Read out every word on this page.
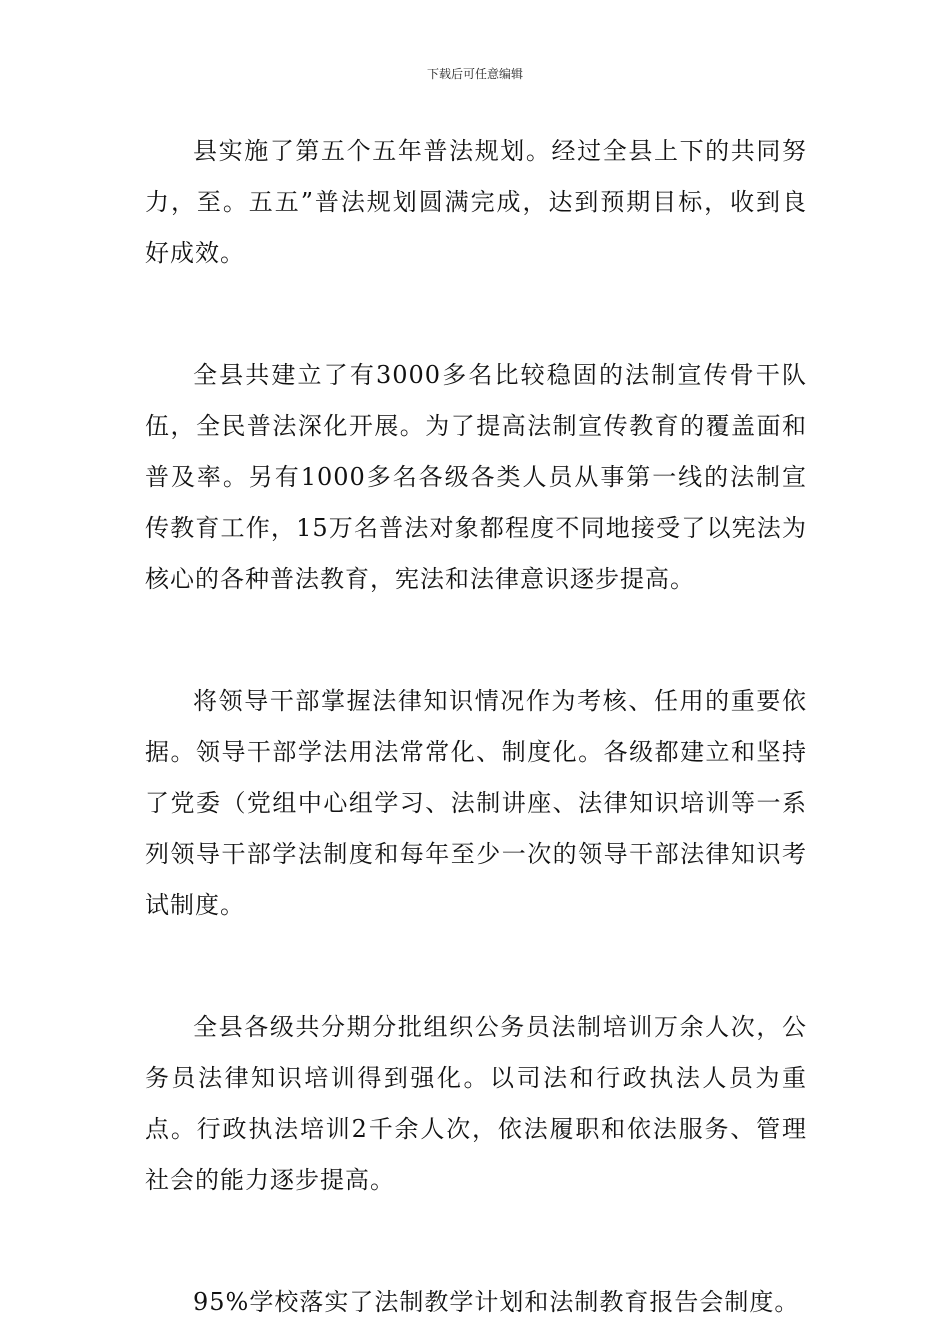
下载后可任意编辑

县实施了第五个五年普法规划。经过全县上下的共同努力，至。五五”普法规划圆满完成，达到预期目标，收到良好成效。

全县共建立了有3000多名比较稳固的法制宣传骨干队伍，全民普法深化开展。为了提高法制宣传教育的覆盖面和普及率。另有1000多名各级各类人员从事第一线的法制宣传教育工作，15万名普法对象都程度不同地接受了以宪法为核心的各种普法教育，宪法和法律意识逐步提高。

将领导干部掌握法律知识情况作为考核、任用的重要依据。领导干部学法用法常常化、制度化。各级都建立和坚持了党委（党组中心组学习、法制讲座、法律知识培训等一系列领导干部学法制度和每年至少一次的领导干部法律知识考试制度。

全县各级共分期分批组织公务员法制培训万余人次，公务员法律知识培训得到强化。以司法和行政执法人员为重点。行政执法培训2千余人次，依法履职和依法服务、管理社会的能力逐步提高。

95%学校落实了法制教学计划和法制教育报告会制度。
